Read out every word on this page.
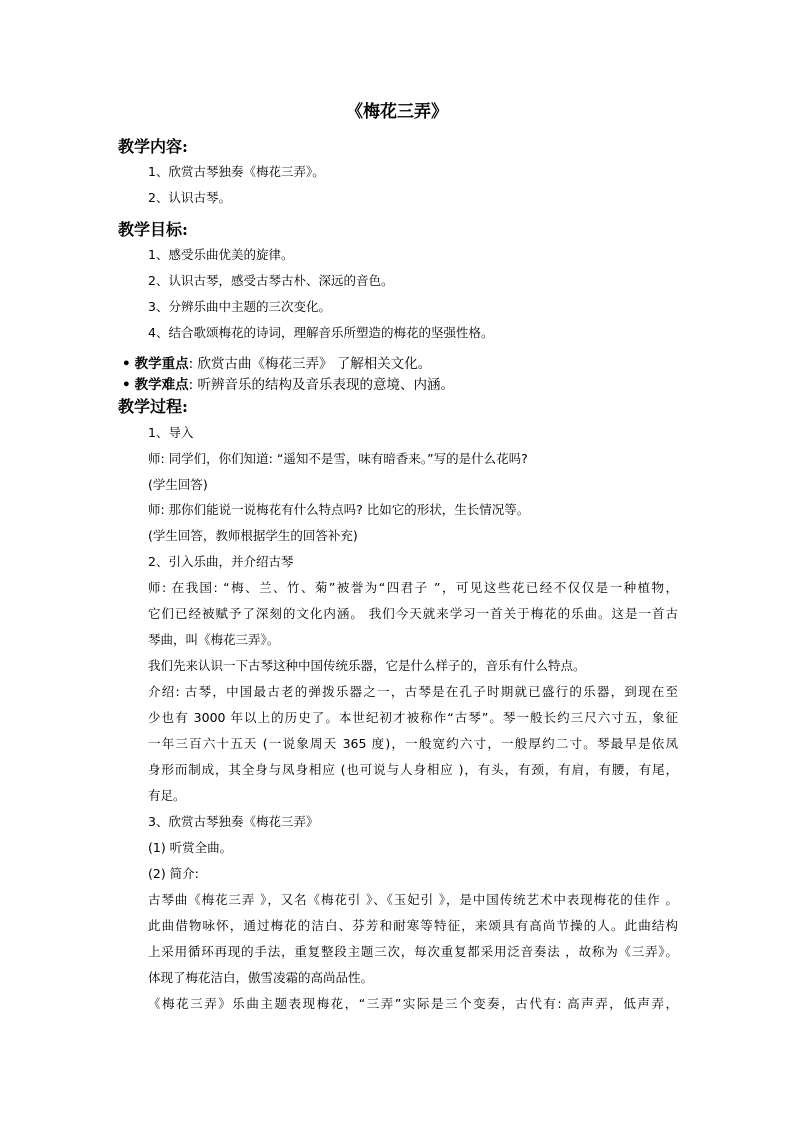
《梅花三弄》
教学内容:
1、欣赏古琴独奏《梅花三弄》。
2、认识古琴。
教学目标:
1、感受乐曲优美的旋律。
2、认识古琴，感受古琴古朴、深远的音色。
3、分辨乐曲中主题的三次变化。
4、结合歌颂梅花的诗词，理解音乐所塑造的梅花的坚强性格。
• 教学重点: 欣赏古曲《梅花三弄》 了解相关文化。
• 教学难点: 听辨音乐的结构及音乐表现的意境、内涵。
教学过程:
1、导入
师: 同学们，你们知道: “遥知不是雪，味有暗香来。”写的是什么花吗?
(学生回答)
师: 那你们能说一说梅花有什么特点吗? 比如它的形状，生长情况等。
(学生回答，教师根据学生的回答补充)
2、引入乐曲，并介绍古琴
师: 在我国: “梅、兰、竹、菊”被誉为“四君子 ”，可见这些花已经不仅仅是一种植物，
它们已经被赋予了深刻的文化内涵。 我们今天就来学习一首关于梅花的乐曲。这是一首古
琴曲，叫《梅花三弄》。
我们先来认识一下古琴这种中国传统乐器，它是什么样子的，音乐有什么特点。
介绍: 古琴，中国最古老的弹拨乐器之一，古琴是在孔子时期就已盛行的乐器，到现在至
少也有 3000 年以上的历史了。本世纪初才被称作“古琴”。琴一般长约三尺六寸五，象征
一年三百六十五天 (一说象周天 365 度)，一般宽约六寸，一般厚约二寸。琴最早是依凤
身形而制成，其全身与凤身相应 (也可说与人身相应 )，有头，有颈，有肩，有腰，有尾，
有足。
3、欣赏古琴独奏《梅花三弄》
(1) 听赏全曲。
(2) 简介:
古琴曲《梅花三弄 》，又名《梅花引 》、《玉妃引 》，是中国传统艺术中表现梅花的佳作 。
此曲借物咏怀，通过梅花的洁白、芬芳和耐寒等特征，来颂具有高尚节操的人。此曲结构
上采用循环再现的手法，重复整段主题三次，每次重复都采用泛音奏法 ，故称为《三弄》。
体现了梅花洁白，傲雪凌霜的高尚品性。
《梅花三弄》乐曲主题表现梅花，“三弄”实际是三个变奏，古代有: 高声弄，低声弄，
